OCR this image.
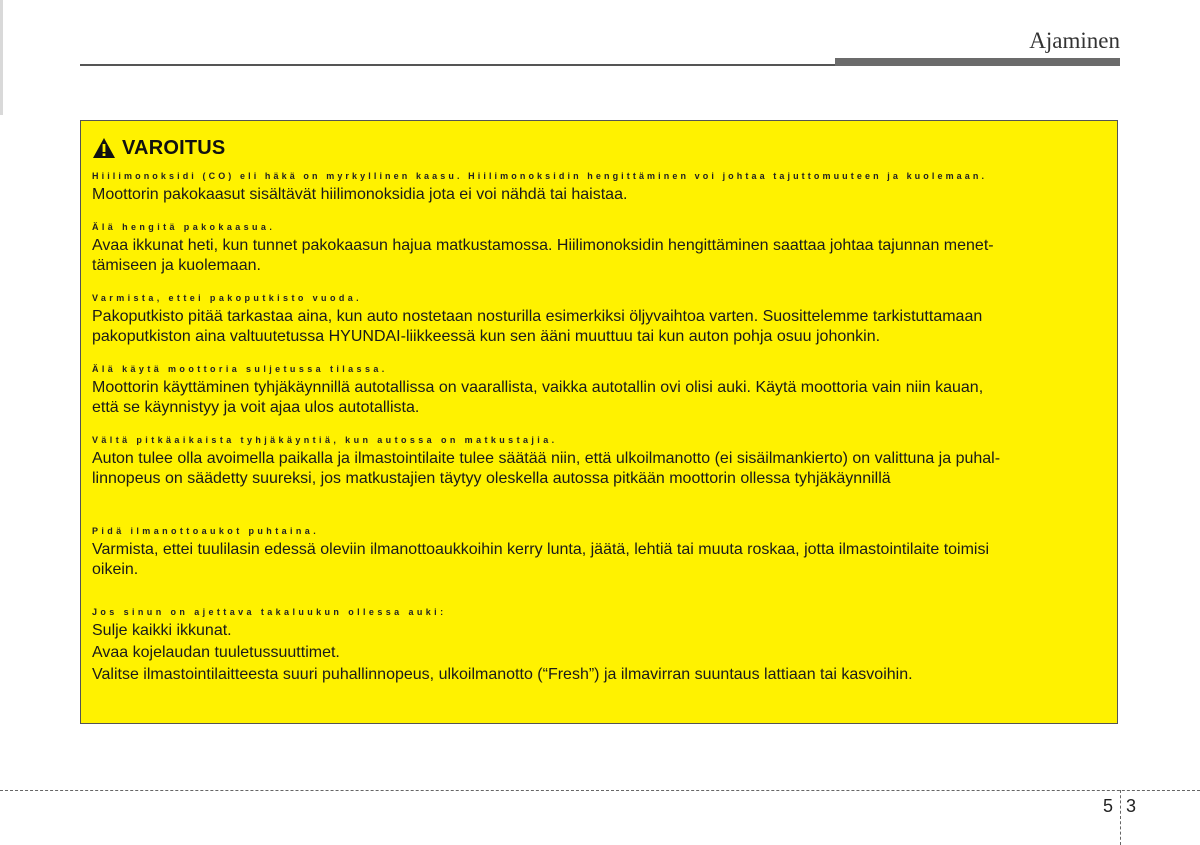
Ajaminen
VAROITUS
Hiilimonoksidi (CO) eli häkä on myrkyllinen kaasu. Hiilimonoksidin hengittäminen voi johtaa tajuttomuuteen ja kuolemaan.
Moottorin pakokaasut sisältävät hiilimonoksidia jota ei voi nähdä tai haistaa.
Älä hengitä pakokaasua.
Avaa ikkunat heti, kun tunnet pakokaasun hajua matkustamossa. Hiilimonoksidin hengittäminen saattaa johtaa tajunnan menet-
tämiseen ja kuolemaan.
Varmista, ettei pakoputkisto vuoda.
Pakoputkisto pitää tarkastaa aina, kun auto nostetaan nosturilla esimerkiksi öljyvaihtoa varten. Suosittelemme tarkistuttamaan
pakoputkiston aina valtuutetussa HYUNDAI-liikkeessä kun sen ääni muuttuu tai kun auton pohja osuu johonkin.
Älä käytä moottoria suljetussa tilassa.
Moottorin käyttäminen tyhjäkäynnillä autotallissa on vaarallista, vaikka autotallin ovi olisi auki. Käytä moottoria vain niin kauan,
että se käynnistyy ja voit ajaa ulos autotallista.
Vältä pitkäaikaista tyhjäkäyntiä, kun autossa on matkustajia.
Auton tulee olla avoimella paikalla ja ilmastointilaite tulee säätää niin, että ulkoilmanotto (ei sisäilmankierto) on valittuna ja puhal-
linnopeus on säädetty suureksi, jos matkustajien täytyy oleskella autossa pitkään moottorin ollessa tyhjäkäynnillä
Pidä ilmanottoaukot puhtaina.
Varmista, ettei tuulilasin edessä oleviin ilmanottoaukkoihin kerry lunta, jäätä, lehtiä tai muuta roskaa, jotta ilmastointilaite toimisi
oikein.
Jos sinun on ajettava takaluukun ollessa auki:
Sulje kaikki ikkunat.
Avaa kojelaudan tuuletussuuttimet.
Valitse ilmastointilaitteesta suuri puhallinnopeus, ulkoilmanotto (“Fresh”) ja ilmavirran suuntaus lattiaan tai kasvoihin.
5 3
